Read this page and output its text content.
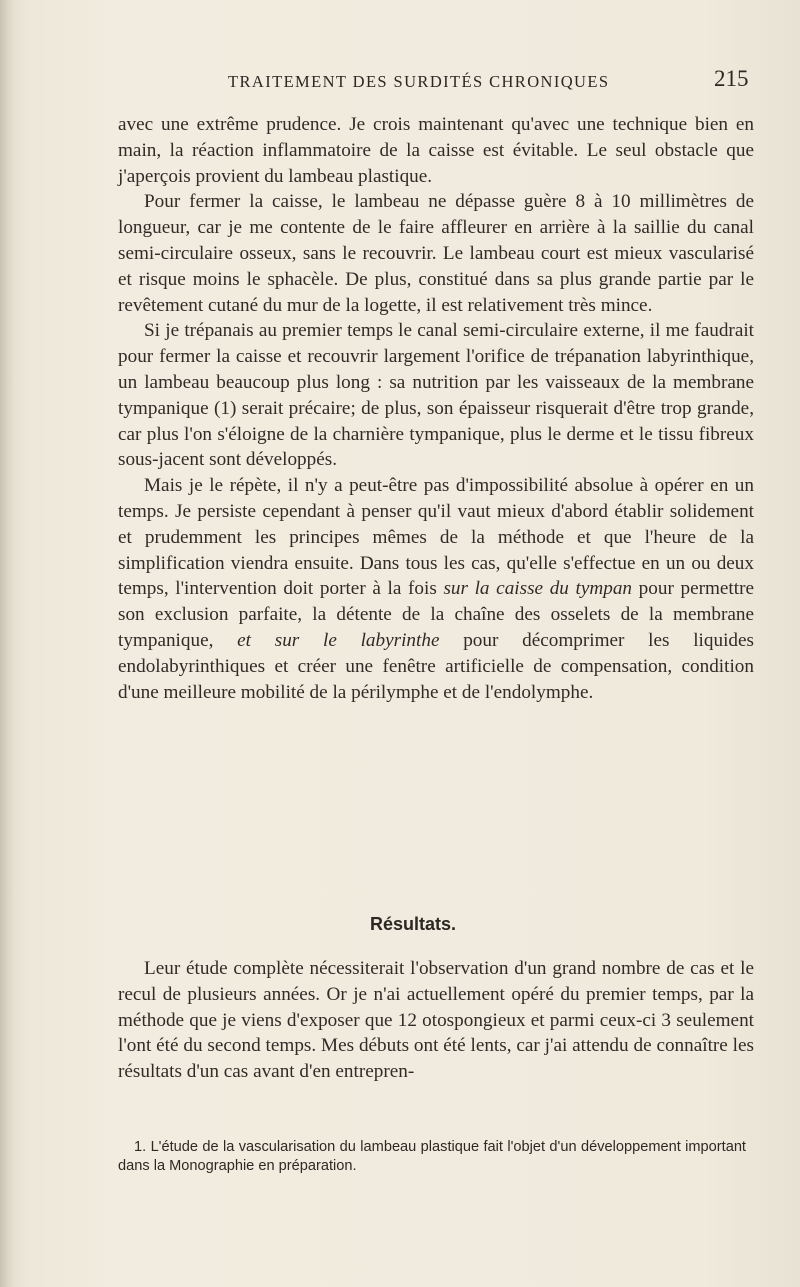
TRAITEMENT DES SURDITÉS CHRONIQUES	215

avec une extrême prudence. Je crois maintenant qu'avec une technique bien en main, la réaction inflammatoire de la caisse est évitable. Le seul obstacle que j'aperçois provient du lambeau plastique.

Pour fermer la caisse, le lambeau ne dépasse guère 8 à 10 millimètres de longueur, car je me contente de le faire affleurer en arrière à la saillie du canal semi-circulaire osseux, sans le recouvrir. Le lambeau court est mieux vascularisé et risque moins le sphacèle. De plus, constitué dans sa plus grande partie par le revêtement cutané du mur de la logette, il est relativement très mince.

Si je trépanais au premier temps le canal semi-circulaire externe, il me faudrait pour fermer la caisse et recouvrir largement l'orifice de trépanation labyrinthique, un lambeau beaucoup plus long : sa nutrition par les vaisseaux de la membrane tympanique (1) serait précaire; de plus, son épaisseur risquerait d'être trop grande, car plus l'on s'éloigne de la charnière tympanique, plus le derme et le tissu fibreux sous-jacent sont développés.

Mais je le répète, il n'y a peut-être pas d'impossibilité absolue à opérer en un temps. Je persiste cependant à penser qu'il vaut mieux d'abord établir solidement et prudemment les principes mêmes de la méthode et que l'heure de la simplification viendra ensuite. Dans tous les cas, qu'elle s'effectue en un ou deux temps, l'intervention doit porter à la fois sur la caisse du tympan pour permettre son exclusion parfaite, la détente de la chaîne des osselets de la membrane tympanique, et sur le labyrinthe pour décomprimer les liquides endolabyrinthiques et créer une fenêtre artificielle de compensation, condition d'une meilleure mobilité de la périlymphe et de l'endolymphe.

Résultats.

Leur étude complète nécessiterait l'observation d'un grand nombre de cas et le recul de plusieurs années. Or je n'ai actuellement opéré du premier temps, par la méthode que je viens d'exposer que 12 otospongieux et parmi ceux-ci 3 seulement l'ont été du second temps. Mes débuts ont été lents, car j'ai attendu de connaître les résultats d'un cas avant d'en entrepren-

1. L'étude de la vascularisation du lambeau plastique fait l'objet d'un développement important dans la Monographie en préparation.
